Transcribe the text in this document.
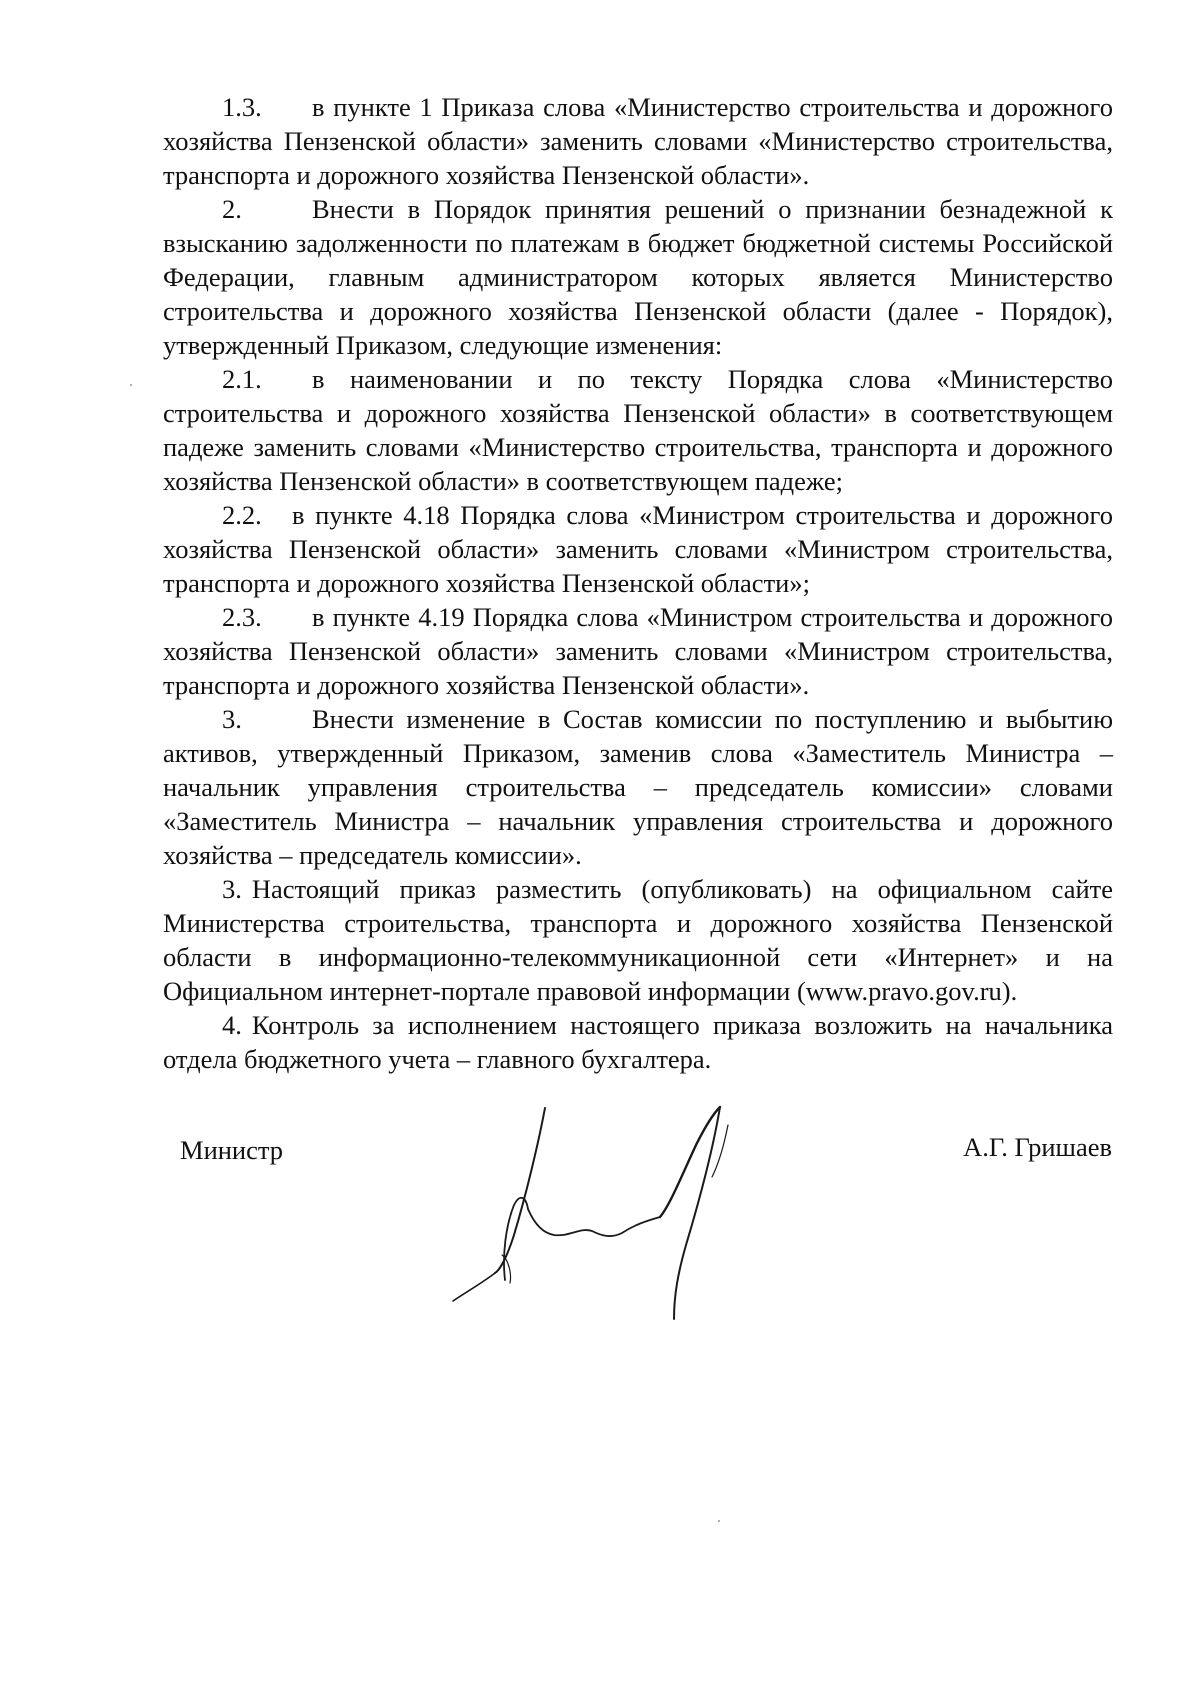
1.3. в пункте 1 Приказа слова «Министерство строительства и дорожного хозяйства Пензенской области» заменить словами «Министерство строительства, транспорта и дорожного хозяйства Пензенской области».

2.	Внести в Порядок принятия решений о признании безнадежной к взысканию задолженности по платежам в бюджет бюджетной системы Российской Федерации, главным администратором которых является Министерство строительства и дорожного хозяйства Пензенской области (далее - Порядок), утвержденный Приказом, следующие изменения:

2.1. в наименовании и по тексту Порядка слова «Министерство строительства и дорожного хозяйства Пензенской области» в соответствующем падеже заменить словами «Министерство строительства, транспорта и дорожного хозяйства Пензенской области» в соответствующем падеже;

2.2. в пункте 4.18 Порядка слова «Министром строительства и дорожного хозяйства Пензенской области» заменить словами «Министром строительства, транспорта и дорожного хозяйства Пензенской области»;

2.3. в пункте 4.19 Порядка слова «Министром строительства и дорожного хозяйства Пензенской области» заменить словами «Министром строительства, транспорта и дорожного хозяйства Пензенской области».

3.	Внести изменение в Состав комиссии по поступлению и выбытию активов, утвержденный Приказом, заменив слова «Заместитель Министра – начальник управления строительства – председатель комиссии» словами «Заместитель Министра – начальник управления строительства и дорожного хозяйства – председатель комиссии».

3. Настоящий приказ разместить (опубликовать) на официальном сайте Министерства строительства, транспорта и дорожного хозяйства Пензенской области в информационно-телекоммуникационной сети «Интернет» и на Официальном интернет-портале правовой информации (www.pravo.gov.ru).

4. Контроль за исполнением настоящего приказа возложить на начальника отдела бюджетного учета – главного бухгалтера.

Министр	А.Г. Гришаев
